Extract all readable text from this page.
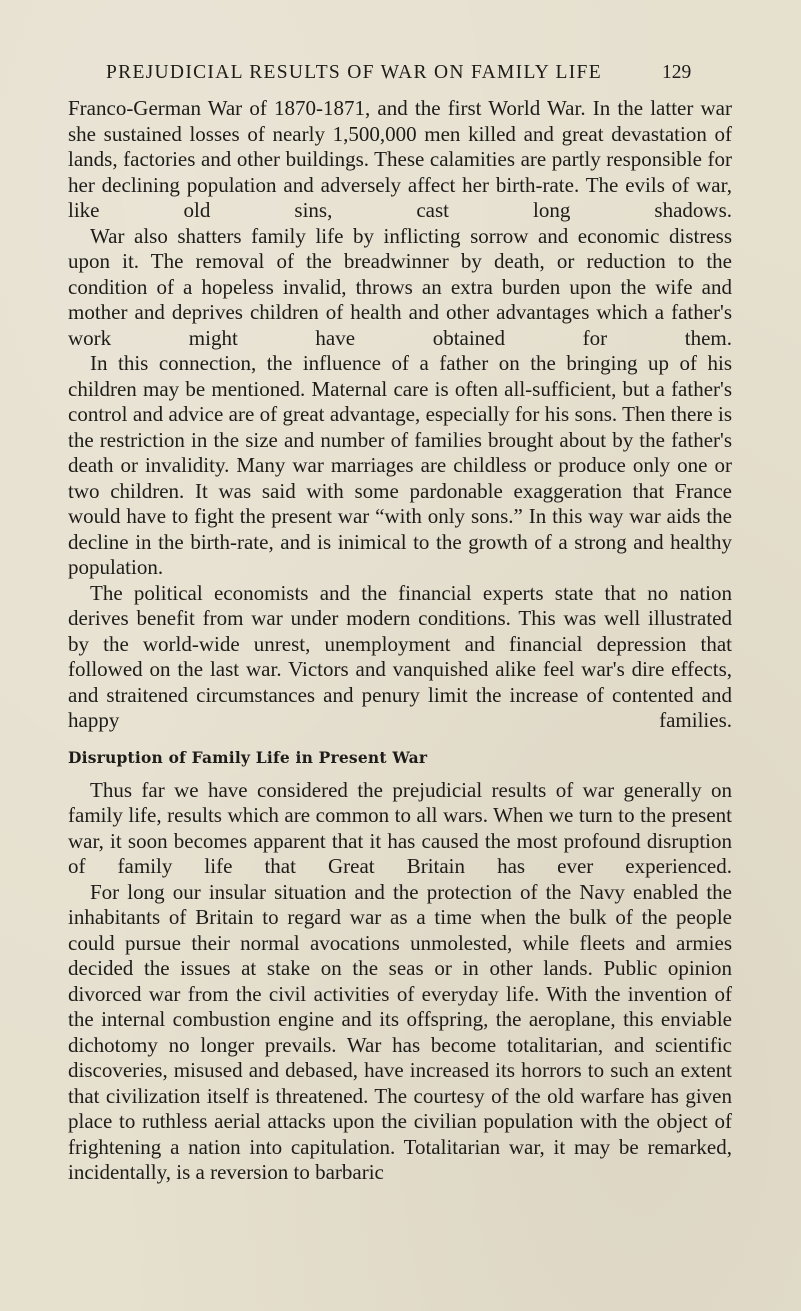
PREJUDICIAL RESULTS OF WAR ON FAMILY LIFE	129

Franco-German War of 1870-1871, and the first World War. In the latter war she sustained losses of nearly 1,500,000 men killed and great devastation of lands, factories and other buildings. These calamities are partly responsible for her declining population and adversely affect her birth-rate. The evils of war, like old sins, cast long shadows.

War also shatters family life by inflicting sorrow and economic distress upon it. The removal of the breadwinner by death, or reduction to the condition of a hopeless invalid, throws an extra burden upon the wife and mother and deprives children of health and other advantages which a father's work might have obtained for them.

In this connection, the influence of a father on the bringing up of his children may be mentioned. Maternal care is often all-sufficient, but a father's control and advice are of great advantage, especially for his sons. Then there is the restriction in the size and number of families brought about by the father's death or invalidity. Many war marriages are childless or produce only one or two children. It was said with some pardonable exaggeration that France would have to fight the present war “with only sons.” In this way war aids the decline in the birth-rate, and is inimical to the growth of a strong and healthy population.

The political economists and the financial experts state that no nation derives benefit from war under modern conditions. This was well illustrated by the world-wide unrest, unemployment and financial depression that followed on the last war. Victors and vanquished alike feel war's dire effects, and straitened circumstances and penury limit the increase of contented and happy families.

Disruption of Family Life in Present War

Thus far we have considered the prejudicial results of war generally on family life, results which are common to all wars. When we turn to the present war, it soon becomes apparent that it has caused the most profound disruption of family life that Great Britain has ever experienced.

For long our insular situation and the protection of the Navy enabled the inhabitants of Britain to regard war as a time when the bulk of the people could pursue their normal avocations unmolested, while fleets and armies decided the issues at stake on the seas or in other lands. Public opinion divorced war from the civil activities of everyday life. With the invention of the internal combustion engine and its offspring, the aeroplane, this enviable dichotomy no longer prevails. War has become totalitarian, and scientific discoveries, misused and debased, have increased its horrors to such an extent that civilization itself is threatened. The courtesy of the old warfare has given place to ruthless aerial attacks upon the civilian population with the object of frightening a nation into capitulation. Totalitarian war, it may be remarked, incidentally, is a reversion to barbaric
